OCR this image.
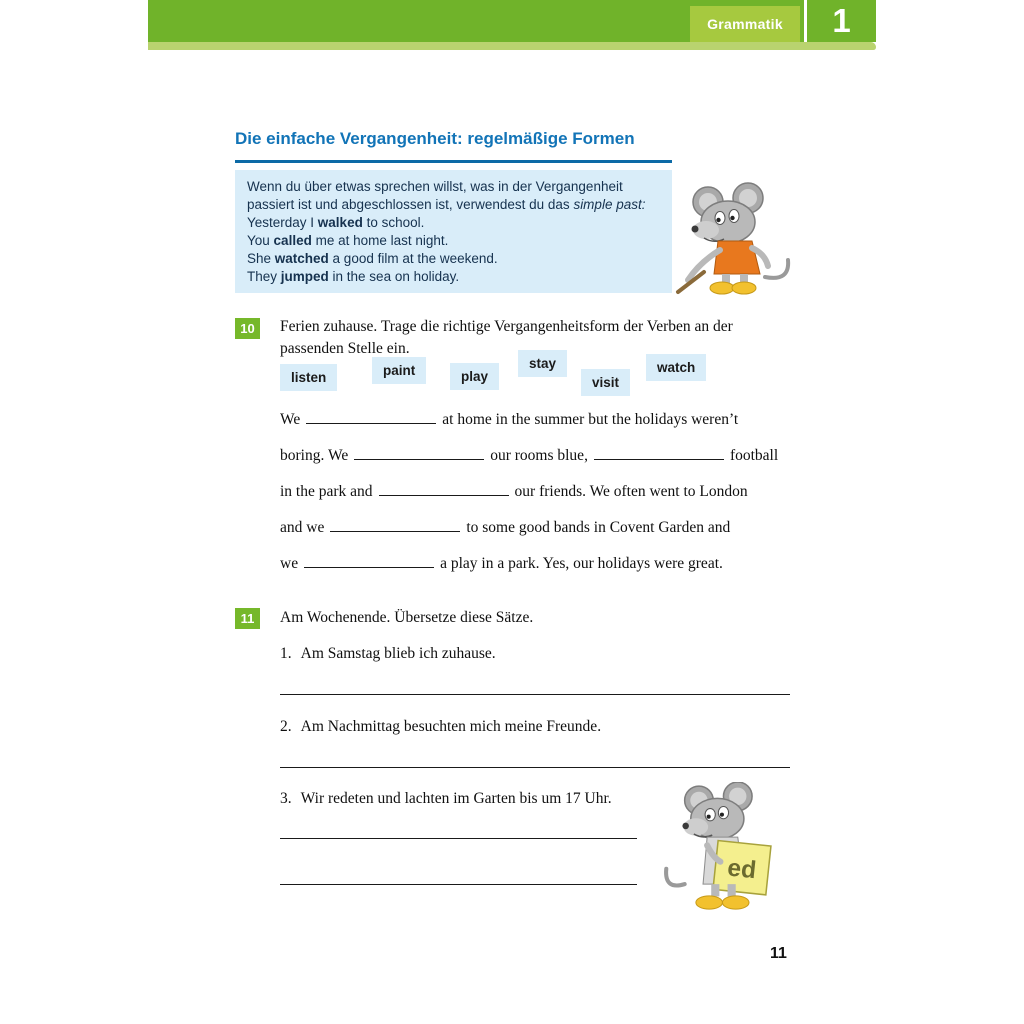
Grammatik	1
Die einfache Vergangenheit: regelmäßige Formen

Wenn du über etwas sprechen willst, was in der Vergangenheit

passiert ist und abgeschlossen ist, verwendest du das simple past:

Yesterday I walked to school.

You called me at home last night.

She watched a good film at the weekend.

They jumped in the sea on holiday.

10	Ferien zuhause. Trage die richtige Vergangenheitsform der Verben an der passenden Stelle ein.
listen	paint	play
stay
visit
watch
We	at home in the summer but the holidays weren’t
boring. We	our rooms blue,	football
in the park and	our friends. We often went to London
and we	to some good bands in Covent Garden and
we	a play in a park. Yes, our holidays were great.
11	Am Wochenende. Übersetze diese Sätze.
1. Am Samstag blieb ich zuhause.
2. Am Nachmittag besuchten mich meine Freunde.
3. Wir redeten und lachten im Garten bis um 17 Uhr.
ed
11
